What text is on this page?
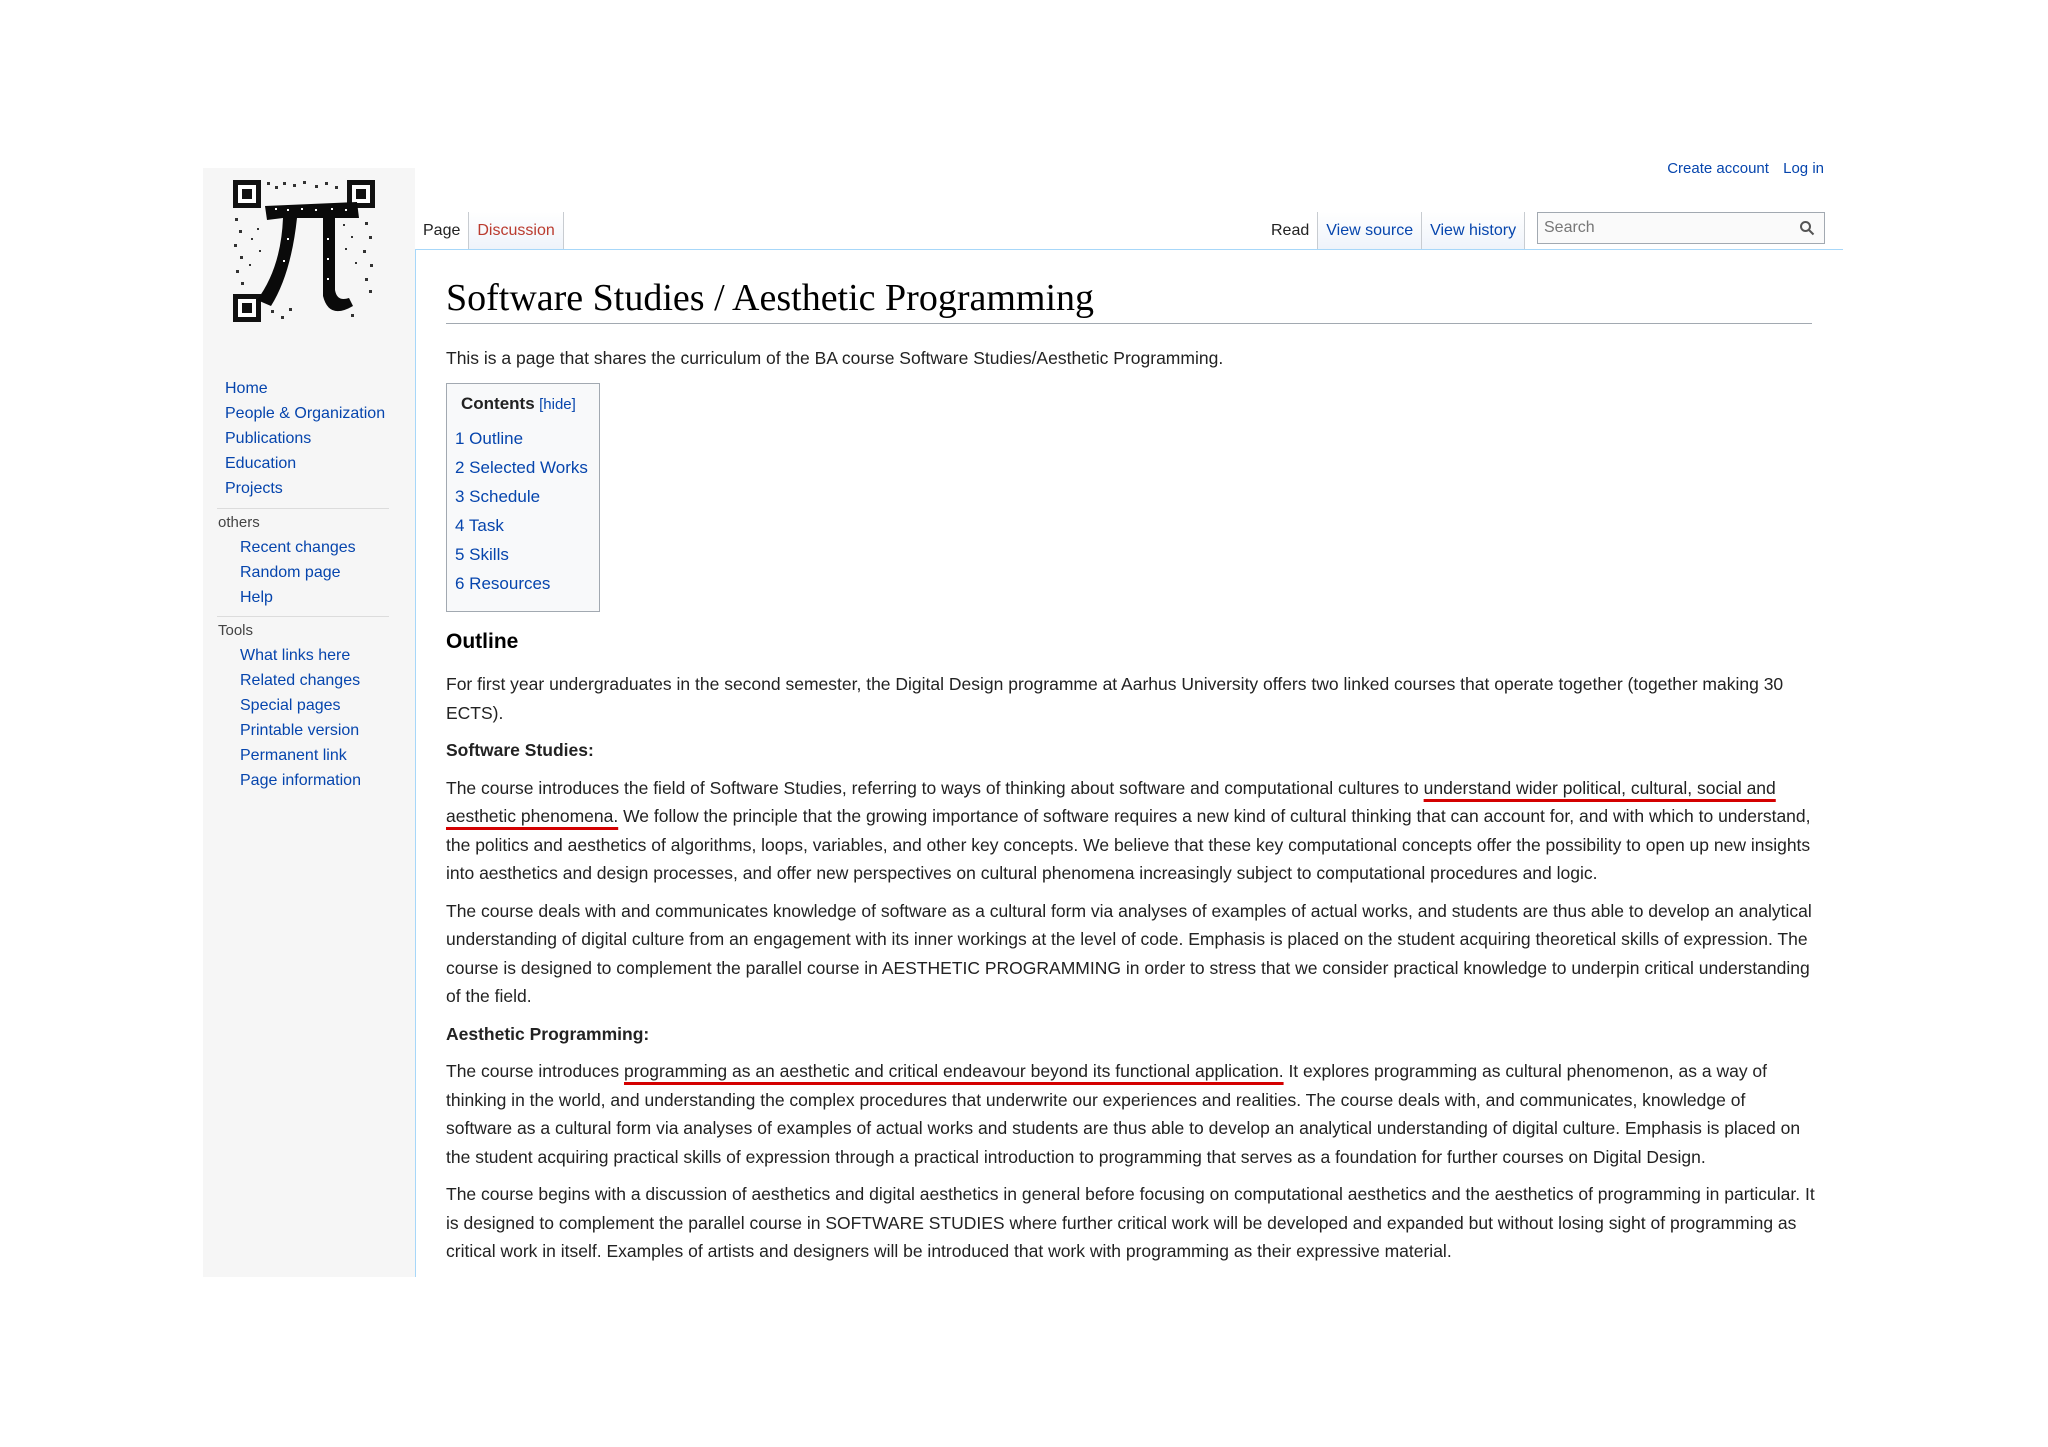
Home
People & Organization
Publications
Education
Projects
others
Recent changes
Random page
Help
Tools
What links here
Related changes
Special pages
Printable version
Permanent link
Page information
Create account Log in
Page	Discussion	Read	View source	View history
Search
Software Studies / Aesthetic Programming

This is a page that shares the curriculum of the BA course Software Studies/Aesthetic Programming.

Contents [hide]
1 Outline
2 Selected Works
3 Schedule
4 Task
5 Skills
6 Resources
Outline

For first year undergraduates in the second semester, the Digital Design programme at Aarhus University offers two linked courses that operate together (together making 30 ECTS).

Software Studies:

The course introduces the field of Software Studies, referring to ways of thinking about software and computational cultures to understand wider political, cultural, social and aesthetic phenomena. We follow the principle that the growing importance of software requires a new kind of cultural thinking that can account for, and with which to understand, the politics and aesthetics of algorithms, loops, variables, and other key concepts. We believe that these key computational concepts offer the possibility to open up new insights into aesthetics and design processes, and offer new perspectives on cultural phenomena increasingly subject to computational procedures and logic.

The course deals with and communicates knowledge of software as a cultural form via analyses of examples of actual works, and students are thus able to develop an analytical understanding of digital culture from an engagement with its inner workings at the level of code. Emphasis is placed on the student acquiring theoretical skills of expression. The course is designed to complement the parallel course in AESTHETIC PROGRAMMING in order to stress that we consider practical knowledge to underpin critical understanding of the field.

Aesthetic Programming:

The course introduces programming as an aesthetic and critical endeavour beyond its functional application. It explores programming as cultural phenomenon, as a way of thinking in the world, and understanding the complex procedures that underwrite our experiences and realities. The course deals with, and communicates, knowledge of software as a cultural form via analyses of examples of actual works and students are thus able to develop an analytical understanding of digital culture. Emphasis is placed on the student acquiring practical skills of expression through a practical introduction to programming that serves as a foundation for further courses on Digital Design.

The course begins with a discussion of aesthetics and digital aesthetics in general before focusing on computational aesthetics and the aesthetics of programming in particular. It is designed to complement the parallel course in SOFTWARE STUDIES where further critical work will be developed and expanded but without losing sight of programming as critical work in itself. Examples of artists and designers will be introduced that work with programming as their expressive material.
